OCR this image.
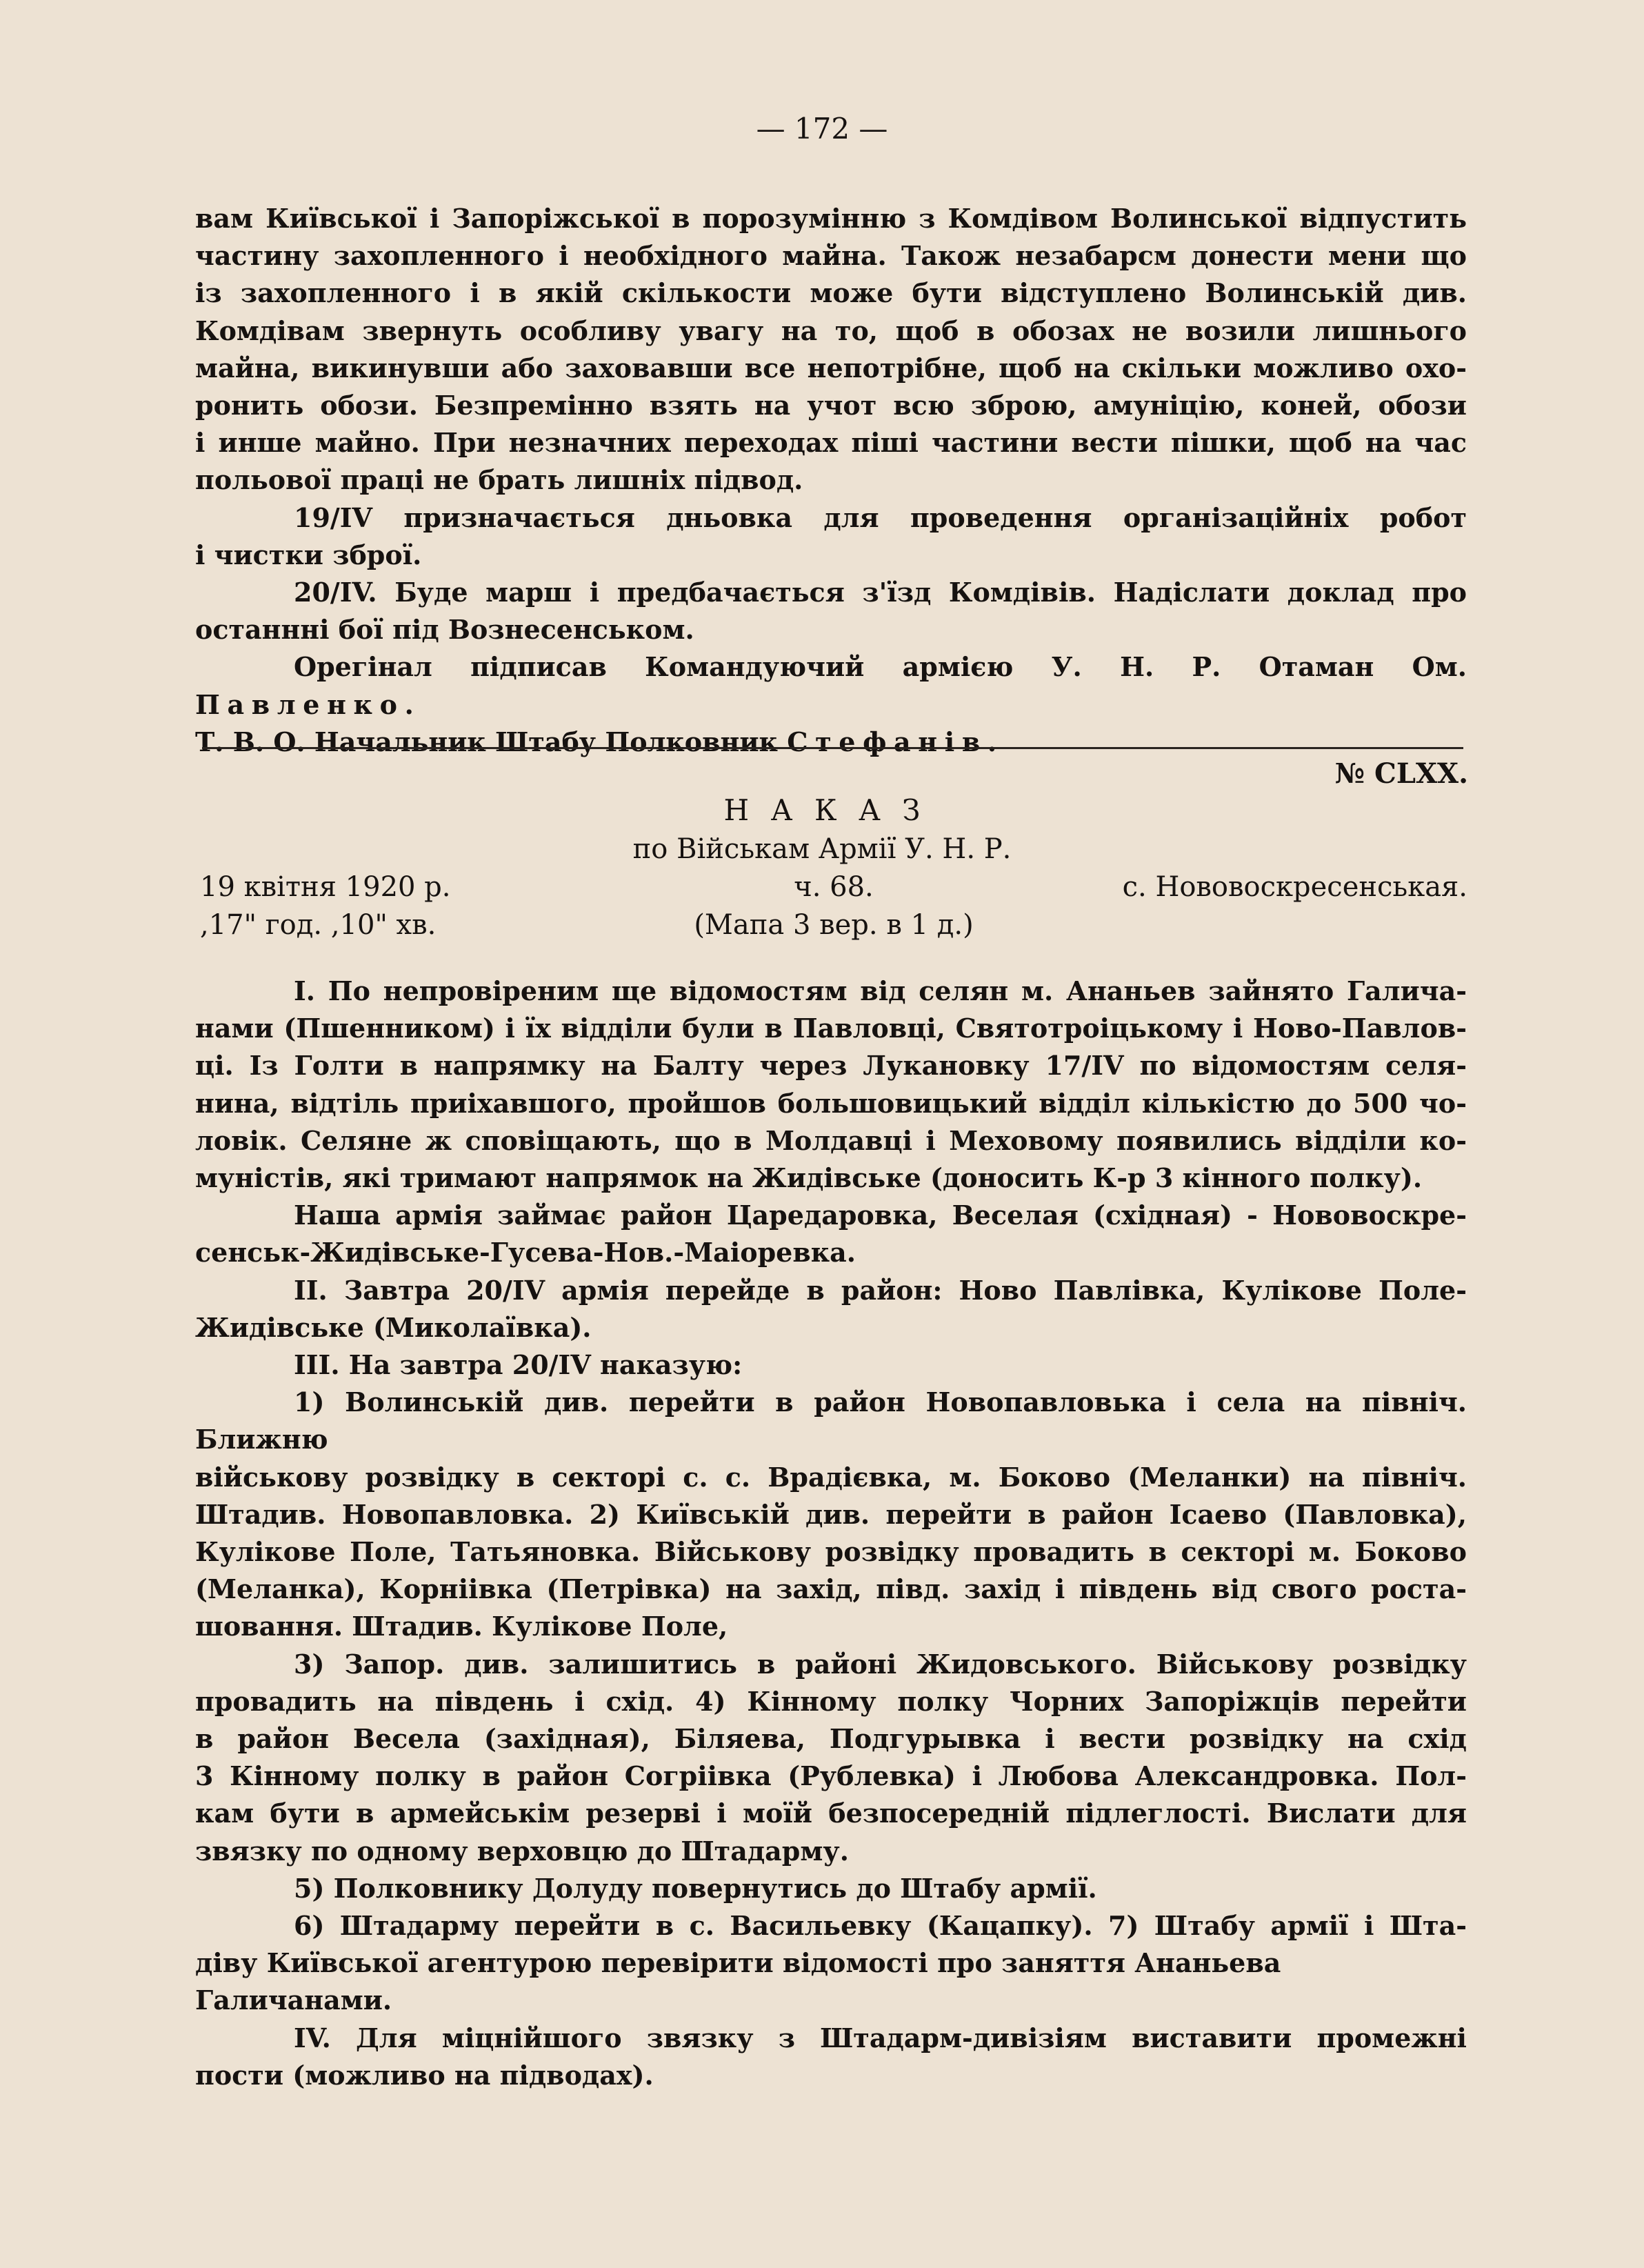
— 172 —
вам Київської і Запоріжської в порозумінню з Комдівом Волинської відпустить
частину захопленного і необхідного майна. Також незабарсм донести мени що
із захопленного і в якій скількости може бути відступлено Волинській див.
Комдівам звернуть особливу увагу на то, щоб в обозах не возили лишнього
майна, викинувши або заховавши все непотрібне, щоб на скільки можливо охо-
ронить обози. Безпремінно взять на учот всю зброю, амуніцію, коней, обози
і инше майно. При незначних переходах піші частини вести пішки, щоб на час
польової праці не брать лишніх підвод.
19/IV призначається дньовка для проведення організаційніх робот
і чистки зброї.
20/IV. Буде марш і предбачається з'їзд Комдівів. Надіслати доклад про
останнні бої під Вознесенськом.
Орегінал підписав Командуючий армією У. Н. Р. Отаман Ом. Павленко.
Т. В. О. Начальник Штабу Полковник Стефанів.
№ CLXX.
НАКАЗ
по Військам Армії У. Н. Р.
19 квітня 1920 р.	ч. 68.	с. Нововоскресенськая.
,17" год. ,10" хв.	(Мапа 3 вер. в 1 д.)
I. По непровіреним ще відомостям від селян м. Ананьев зайнято Галича-
нами (Пшенником) і їх відділи були в Павловці, Святотроіцькому і Ново-Павлов-
ці. Із Голти в напрямку на Балту через Лукановку 17/IV по відомостям селя-
нина, відтіль приіхавшого, пройшов большовицький відділ кількістю до 500 чо-
ловік. Селяне ж сповіщають, що в Молдавці і Меховому появились відділи ко-
муністів, які тримают напрямок на Жидівське (доносить К-р 3 кінного полку).
Наша армія займає район Царедаровка, Веселая (східная) - Нововоскре-
сенськ-Жидівське-Гусева-Нов.-Маіоревка.
II. Завтра 20/IV армія перейде в район: Ново Павлівка, Кулікове Поле-
Жидівське (Миколаївка).
III. На завтра 20/IV наказую:
1) Волинській див. перейти в район Новопавловька і села на північ. Ближню
військову розвідку в секторі с. с. Врадієвка, м. Боково (Меланки) на північ.
Штадив. Новопавловка. 2) Київській див. перейти в район Ісаево (Павловка),
Кулікове Поле, Татьяновка. Військову розвідку провадить в секторі м. Боково
(Меланка), Корніівка (Петрівка) на захід, півд. захід і південь від свого роста-
шовання. Штадив. Кулікове Поле,
3) Запор. див. залишитись в районі Жидовського. Військову розвідку
провадить на південь і схід. 4) Кінному полку Чорних Запоріжців перейти
в район Весела (західная), Біляева, Подгурывка і вести розвідку на схід
3 Кінному полку в район Согріівка (Рублевка) і Любова Александровка. Пол-
кам бути в армейськім резерві і моїй безпосередній підлеглості. Вислати для
звязку по одному верховцю до Штадарму.
5) Полковнику Долуду повернутись до Штабу армії.
6) Штадарму перейти в с. Васильевку (Кацапку). 7) Штабу армії і Шта-
діву Київської агентурою перевірити відомості про заняття Ананьева Галичанами.
IV. Для міцнійшого звязку з Штадарм-дивізіям виставити промежні
пости (можливо на підводах).
